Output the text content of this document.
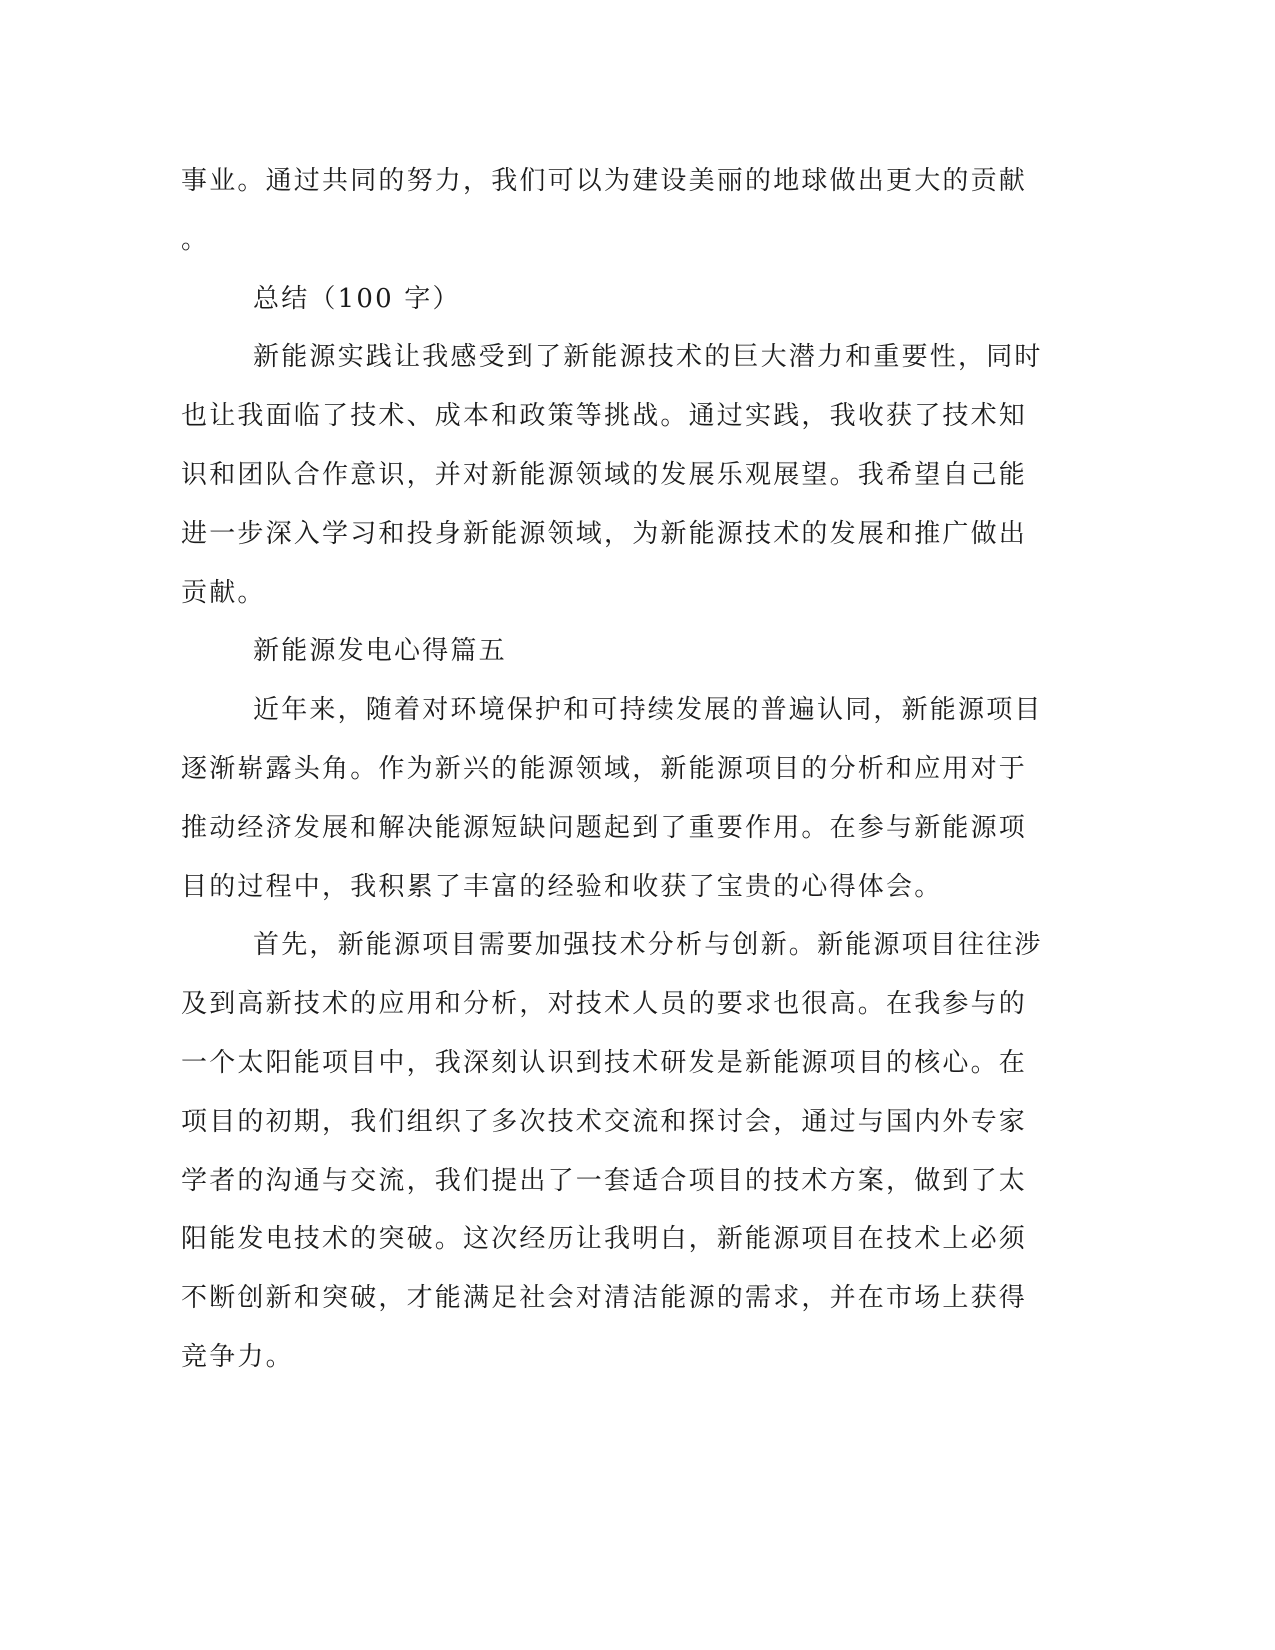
事业。通过共同的努力，我们可以为建设美丽的地球做出更大的贡献
。
总结（100 字）
新能源实践让我感受到了新能源技术的巨大潜力和重要性，同时
也让我面临了技术、成本和政策等挑战。通过实践，我收获了技术知
识和团队合作意识，并对新能源领域的发展乐观展望。我希望自己能
进一步深入学习和投身新能源领域，为新能源技术的发展和推广做出
贡献。
新能源发电心得篇五
近年来，随着对环境保护和可持续发展的普遍认同，新能源项目
逐渐崭露头角。作为新兴的能源领域，新能源项目的分析和应用对于
推动经济发展和解决能源短缺问题起到了重要作用。在参与新能源项
目的过程中，我积累了丰富的经验和收获了宝贵的心得体会。
首先，新能源项目需要加强技术分析与创新。新能源项目往往涉
及到高新技术的应用和分析，对技术人员的要求也很高。在我参与的
一个太阳能项目中，我深刻认识到技术研发是新能源项目的核心。在
项目的初期，我们组织了多次技术交流和探讨会，通过与国内外专家
学者的沟通与交流，我们提出了一套适合项目的技术方案，做到了太
阳能发电技术的突破。这次经历让我明白，新能源项目在技术上必须
不断创新和突破，才能满足社会对清洁能源的需求，并在市场上获得
竞争力。
